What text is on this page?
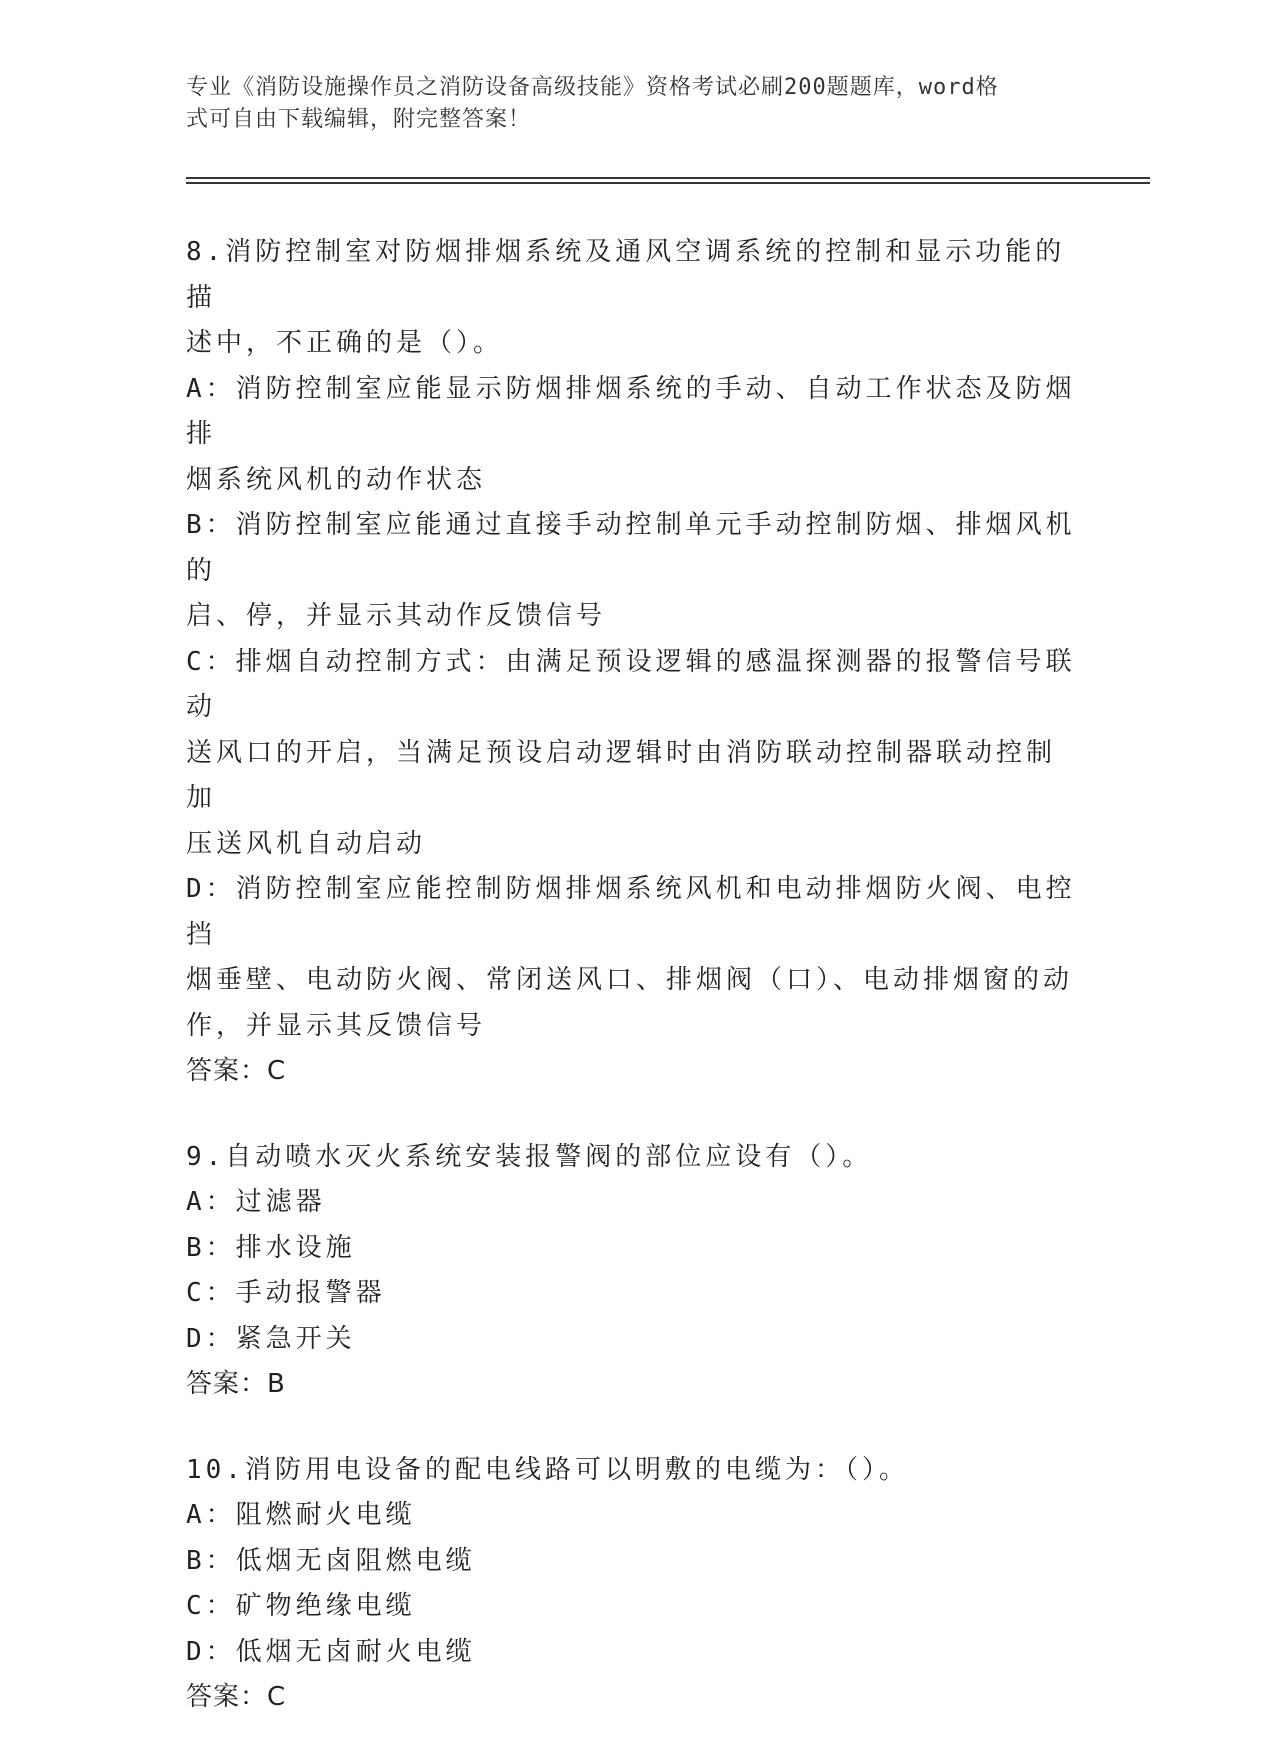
专业《消防设施操作员之消防设备高级技能》资格考试必刷200题题库，word格
式可自由下载编辑，附完整答案！

8.消防控制室对防烟排烟系统及通风空调系统的控制和显示功能的描

述中，不正确的是（）。

A：消防控制室应能显示防烟排烟系统的手动、自动工作状态及防烟排

烟系统风机的动作状态

B：消防控制室应能通过直接手动控制单元手动控制防烟、排烟风机的

启、停，并显示其动作反馈信号

C：排烟自动控制方式：由满足预设逻辑的感温探测器的报警信号联动

送风口的开启，当满足预设启动逻辑时由消防联动控制器联动控制加

压送风机自动启动

D：消防控制室应能控制防烟排烟系统风机和电动排烟防火阀、电控挡

烟垂壁、电动防火阀、常闭送风口、排烟阀（口）、电动排烟窗的动

作，并显示其反馈信号

答案：C

9.自动喷水灭火系统安装报警阀的部位应设有（）。

A：过滤器

B：排水设施

C：手动报警器

D：紧急开关

答案：B

10.消防用电设备的配电线路可以明敷的电缆为：（）。

A：阻燃耐火电缆

B：低烟无卤阻燃电缆

C：矿物绝缘电缆

D：低烟无卤耐火电缆

答案：C
